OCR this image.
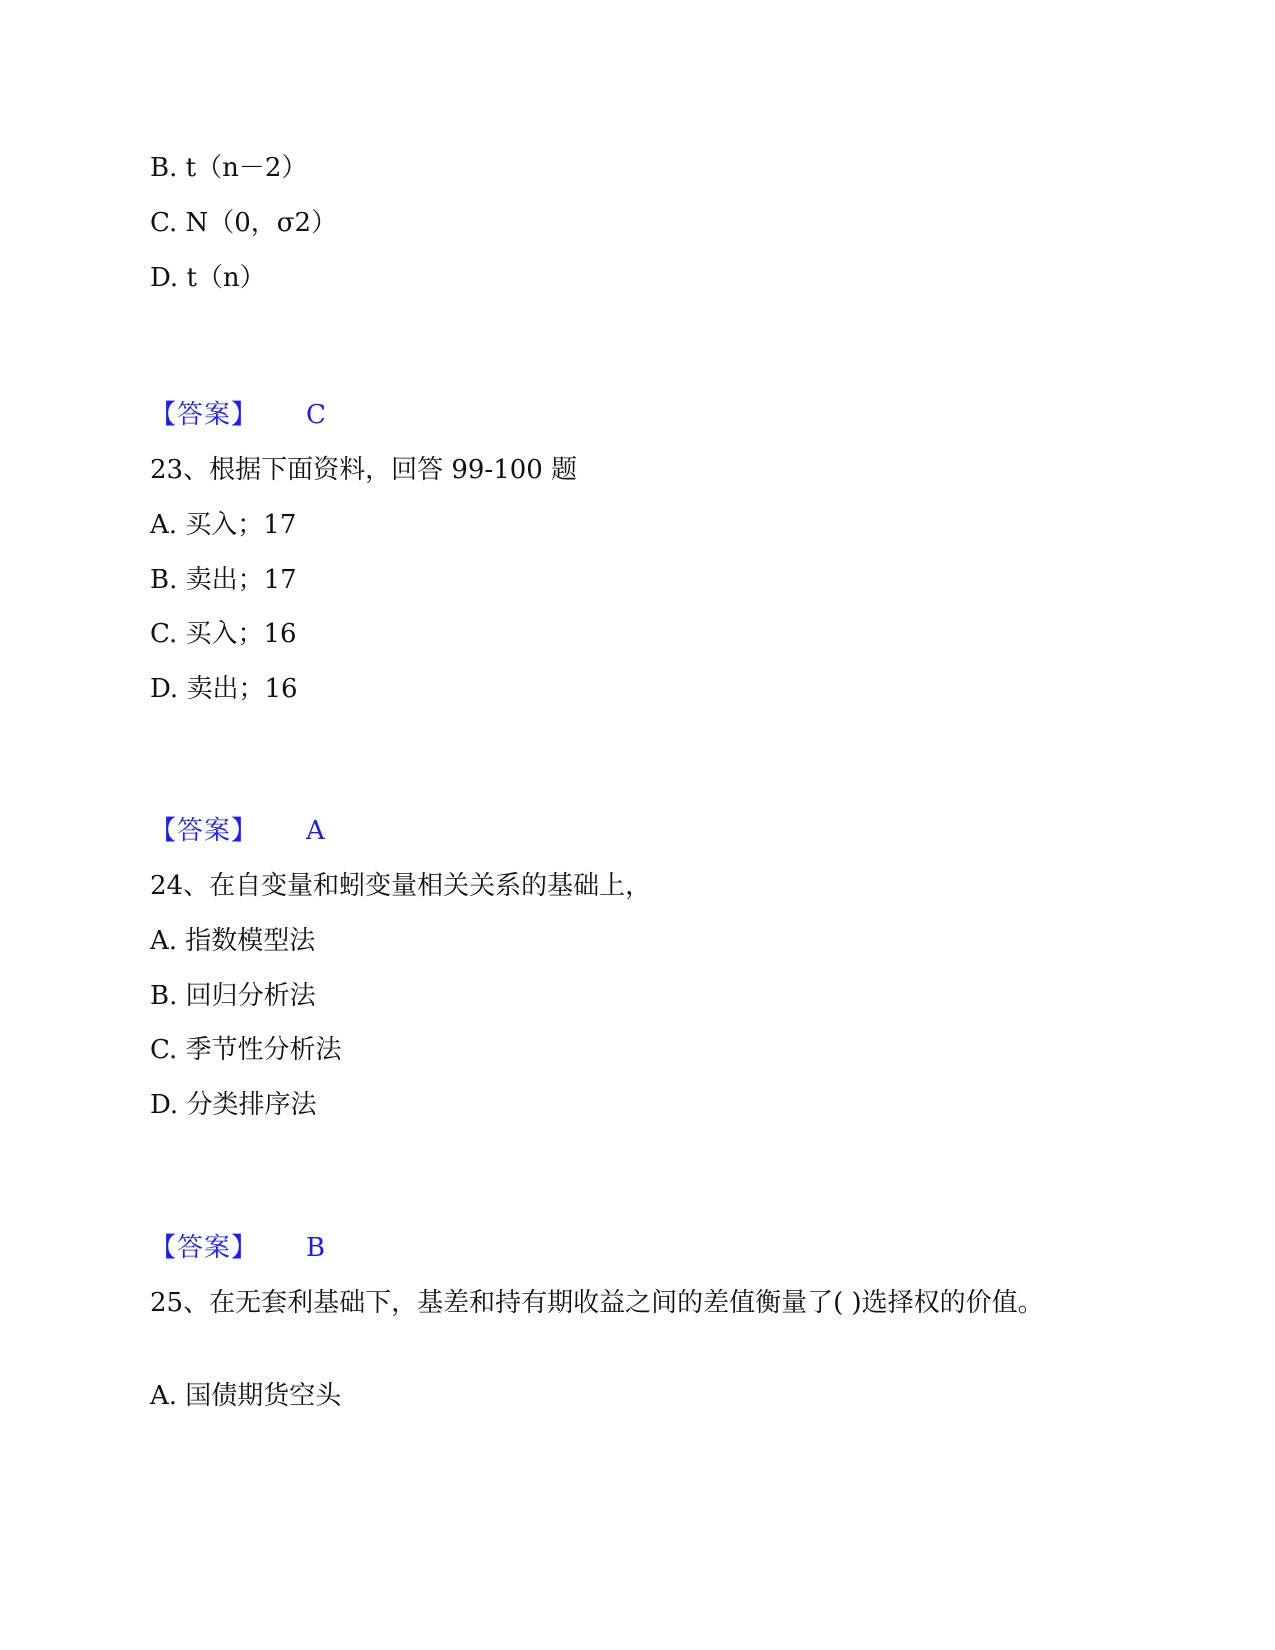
B. t（n－2）
C. N（0，σ2）
D. t（n）
【答案】 C
23、根据下面资料，回答 99-100 题
A. 买入；17
B. 卖出；17
C. 买入；16
D. 卖出；16
【答案】 A
24、在自变量和蚓变量相关关系的基础上，
A. 指数模型法
B. 回归分析法
C. 季节性分析法
D. 分类排序法
【答案】 B
25、在无套利基础下，基差和持有期收益之间的差值衡量了( )选择权的价值。
A. 国债期货空头
